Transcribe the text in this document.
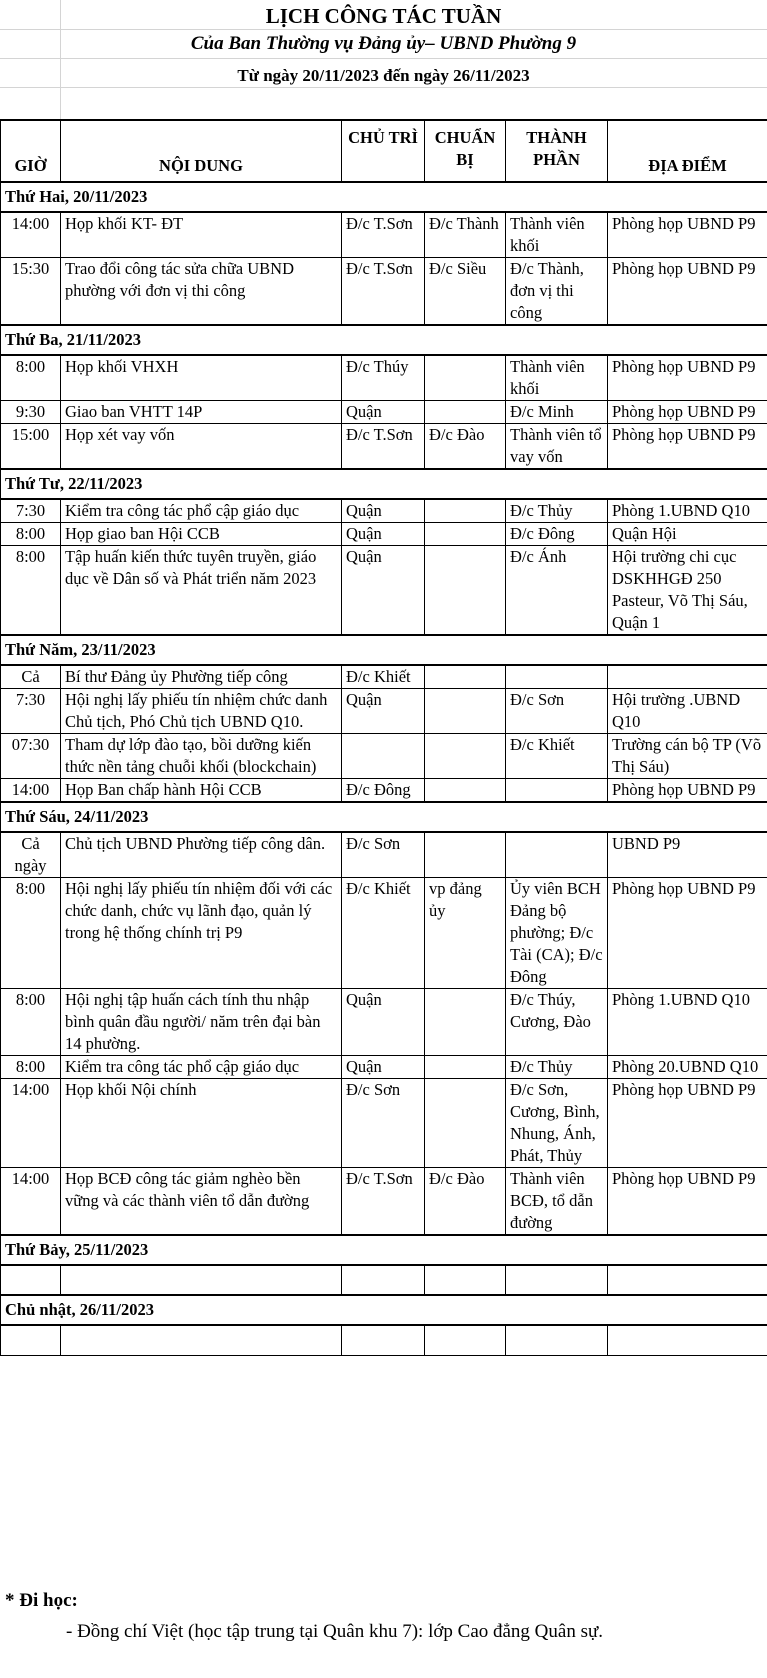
LỊCH CÔNG TÁC TUẦN
Của Ban Thường vụ Đảng ủy– UBND Phường 9
Từ ngày 20/11/2023 đến ngày 26/11/2023
GIỜ	NỘI DUNG	CHỦ TRÌ	CHUẨN BỊ	THÀNH PHẦN	ĐỊA ĐIỂM
Thứ Hai, 20/11/2023					
14:00	Họp khối KT- ĐT	Đ/c T.Sơn	Đ/c Thành	Thành viên khối	Phòng họp UBND P9
15:30	Trao đổi công tác sửa chữa UBND phường với đơn vị thi công	Đ/c T.Sơn	Đ/c Siều	Đ/c Thành, đơn vị thi công	Phòng họp UBND P9
Thứ Ba, 21/11/2023					
8:00	Họp khối VHXH	Đ/c Thúy		Thành viên khối	Phòng họp UBND P9
9:30	Giao ban VHTT 14P	Quận		Đ/c Minh	Phòng họp UBND P9
15:00	Họp xét vay vốn	Đ/c T.Sơn	Đ/c Đào	Thành viên tổ vay vốn	Phòng họp UBND P9
Thứ Tư, 22/11/2023					
7:30	Kiểm tra công tác phổ cập giáo dục	Quận		Đ/c Thủy	Phòng 1.UBND Q10
8:00	Họp giao ban Hội CCB	Quận		Đ/c Đông	Quận Hội
8:00	Tập huấn kiến thức tuyên truyền, giáo dục về Dân số và Phát triển năm 2023	Quận		Đ/c Ánh	Hội trường chi cục DSKHHGĐ 250 Pasteur, Võ Thị Sáu, Quận 1
Thứ Năm, 23/11/2023					
Cả	Bí thư Đảng ủy Phường tiếp công	Đ/c Khiết			
7:30	Hội nghị lấy phiếu tín nhiệm chức danh Chủ tịch, Phó Chủ tịch UBND Q10.	Quận		Đ/c Sơn	Hội trường .UBND Q10
07:30	Tham dự lớp đào tạo, bồi dưỡng kiến thức nền tảng chuỗi khối (blockchain)			Đ/c Khiết	Trường cán bộ TP (Võ Thị Sáu)
14:00	Họp Ban chấp hành Hội CCB	Đ/c Đông			Phòng họp UBND P9
Thứ Sáu, 24/11/2023					
Cả ngày	Chủ tịch UBND Phường tiếp công dân.	Đ/c Sơn			UBND P9
8:00	Hội nghị lấy phiếu tín nhiệm đối với các chức danh, chức vụ lãnh đạo, quản lý trong hệ thống chính trị P9	Đ/c Khiết	vp đảng ủy	Ủy viên BCH Đảng bộ phường; Đ/c Tài (CA); Đ/c Đông	Phòng họp UBND P9
8:00	Hội nghị tập huấn cách tính thu nhập bình quân đầu người/ năm trên đại bàn 14 phường.	Quận		Đ/c Thúy, Cương, Đào	Phòng 1.UBND Q10
8:00	Kiểm tra công tác phổ cập giáo dục	Quận		Đ/c Thủy	Phòng 20.UBND Q10
14:00	Họp khối Nội chính	Đ/c Sơn		Đ/c Sơn, Cương, Bình, Nhung, Ánh, Phát, Thủy	Phòng họp UBND P9
14:00	Họp BCĐ công tác giảm nghèo bền vững và các thành viên tổ dẫn đường	Đ/c T.Sơn	Đ/c Đào	Thành viên BCĐ, tổ dẫn đường	Phòng họp UBND P9
Thứ Bảy, 25/11/2023					

Chủ nhật, 26/11/2023					

* Đi học:
- Đồng chí Việt (học tập trung tại Quân khu 7): lớp Cao đẳng Quân sự.
